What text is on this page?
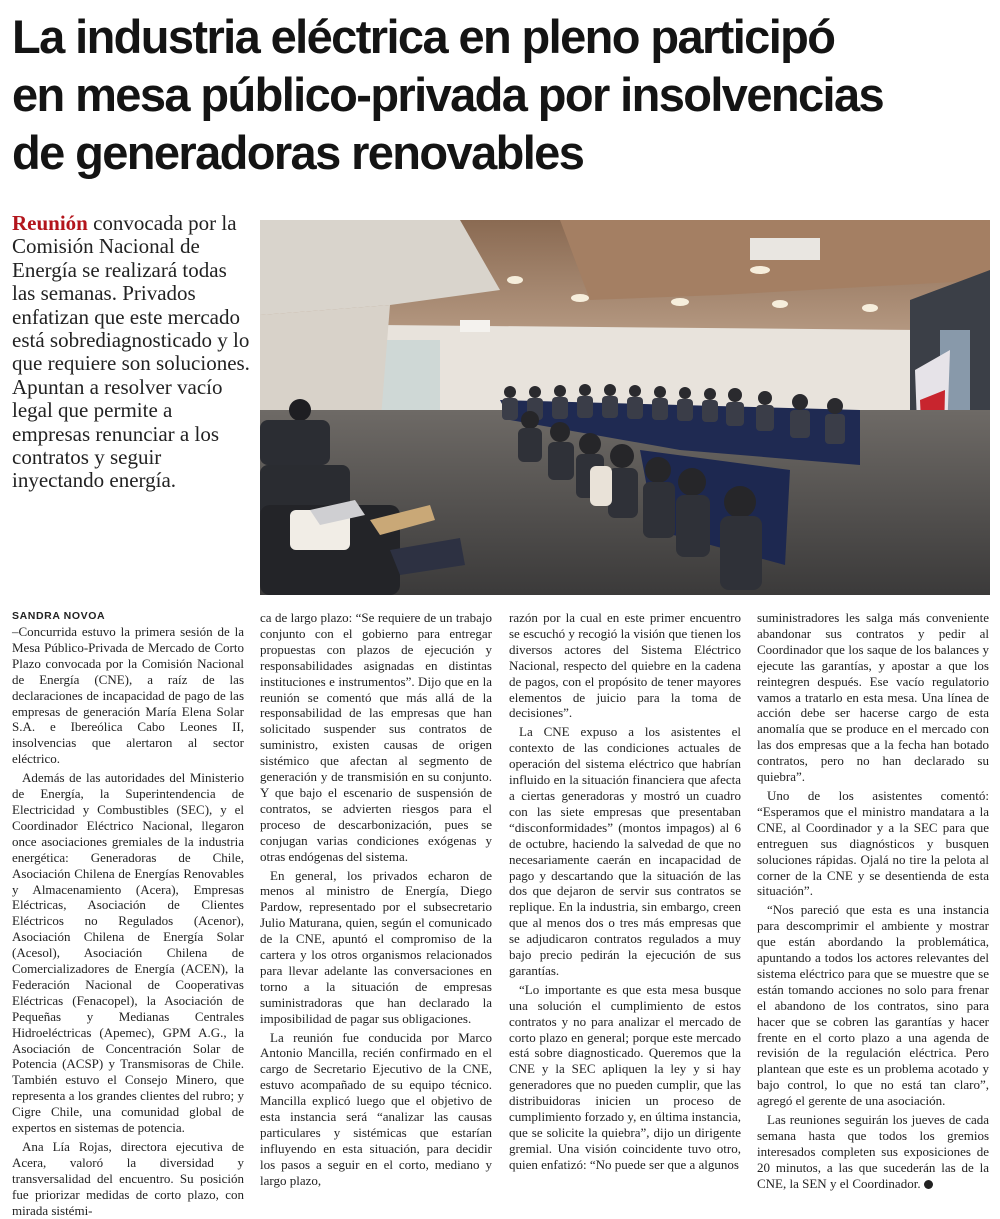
La industria eléctrica en pleno participó
en mesa público-privada por insolvencias
de generadoras renovables
Reunión convocada por la Comisión Nacional de Energía se realizará todas las semanas. Privados enfatizan que este mercado está sobrediagnosticado y lo que requiere son soluciones. Apuntan a resolver vacío legal que permite a empresas renunciar a los contratos y seguir inyectando energía.
SANDRA NOVOA

–Concurrida estuvo la primera sesión de la Mesa Público-Privada de Mercado de Corto Plazo convocada por la Comisión Nacional de Energía (CNE), a raíz de las declaraciones de incapacidad de pago de las empresas de generación María Elena Solar S.A. e Ibereólica Cabo Leones II, insolvencias que alertaron al sector eléctrico.

Además de las autoridades del Ministerio de Energía, la Superintendencia de Electricidad y Combustibles (SEC), y el Coordinador Eléctrico Nacional, llegaron once asociaciones gremiales de la industria energética: Generadoras de Chile, Asociación Chilena de Energías Renovables y Almacenamiento (Acera), Empresas Eléctricas, Asociación de Clientes Eléctricos no Regulados (Acenor), Asociación Chilena de Energía Solar (Acesol), Asociación Chilena de Comercializadores de Energía (ACEN), la Federación Nacional de Cooperativas Eléctricas (Fenacopel), la Asociación de Pequeñas y Medianas Centrales Hidroeléctricas (Apemec), GPM A.G., la Asociación de Concentración Solar de Potencia (ACSP) y Transmisoras de Chile. También estuvo el Consejo Minero, que representa a los grandes clientes del rubro; y Cigre Chile, una comunidad global de expertos en sistemas de potencia.

Ana Lía Rojas, directora ejecutiva de Acera, valoró la diversidad y transversalidad del encuentro. Su posición fue priorizar medidas de corto plazo, con mirada sistémi-

ca de largo plazo: “Se requiere de un trabajo conjunto con el gobierno para entregar propuestas con plazos de ejecución y responsabilidades asignadas en distintas instituciones e instrumentos”. Dijo que en la reunión se comentó que más allá de la responsabilidad de las empresas que han solicitado suspender sus contratos de suministro, existen causas de origen sistémico que afectan al segmento de generación y de transmisión en su conjunto. Y que bajo el escenario de suspensión de contratos, se advierten riesgos para el proceso de descarbonización, pues se conjugan varias condiciones exógenas y otras endógenas del sistema.

En general, los privados echaron de menos al ministro de Energía, Diego Pardow, representado por el subsecretario Julio Maturana, quien, según el comunicado de la CNE, apuntó el compromiso de la cartera y los otros organismos relacionados para llevar adelante las conversaciones en torno a la situación de empresas suministradoras que han declarado la imposibilidad de pagar sus obligaciones.

La reunión fue conducida por Marco Antonio Mancilla, recién confirmado en el cargo de Secretario Ejecutivo de la CNE, estuvo acompañado de su equipo técnico. Mancilla explicó luego que el objetivo de esta instancia será “analizar las causas particulares y sistémicas que estarían influyendo en esta situación, para decidir los pasos a seguir en el corto, mediano y largo plazo,

razón por la cual en este primer encuentro se escuchó y recogió la visión que tienen los diversos actores del Sistema Eléctrico Nacional, respecto del quiebre en la cadena de pagos, con el propósito de tener mayores elementos de juicio para la toma de decisiones”.

La CNE expuso a los asistentes el contexto de las condiciones actuales de operación del sistema eléctrico que habrían influido en la situación financiera que afecta a ciertas generadoras y mostró un cuadro con las siete empresas que presentaban “disconformidades” (montos impagos) al 6 de octubre, haciendo la salvedad de que no necesariamente caerán en incapacidad de pago y descartando que la situación de las dos que dejaron de servir sus contratos se replique. En la industria, sin embargo, creen que al menos dos o tres más empresas que se adjudicaron contratos regulados a muy bajo precio pedirán la ejecución de sus garantías.

“Lo importante es que esta mesa busque una solución el cumplimiento de estos contratos y no para analizar el mercado de corto plazo en general; porque este mercado está sobre diagnosticado. Queremos que la CNE y la SEC apliquen la ley y si hay generadores que no pueden cumplir, que las distribuidoras inicien un proceso de cumplimiento forzado y, en última instancia, que se solicite la quiebra”, dijo un dirigente gremial. Una visión coincidente tuvo otro, quien enfatizó: “No puede ser que a algunos

suministradores les salga más conveniente abandonar sus contratos y pedir al Coordinador que los saque de los balances y ejecute las garantías, y apostar a que los reintegren después. Ese vacío regulatorio vamos a tratarlo en esta mesa. Una línea de acción debe ser hacerse cargo de esta anomalía que se produce en el mercado con las dos empresas que a la fecha han botado contratos, pero no han declarado su quiebra”.

Uno de los asistentes comentó: “Esperamos que el ministro mandatara a la CNE, al Coordinador y a la SEC para que entreguen sus diagnósticos y busquen soluciones rápidas. Ojalá no tire la pelota al corner de la CNE y se desentienda de esta situación”.

“Nos pareció que esta es una instancia para descomprimir el ambiente y mostrar que están abordando la problemática, apuntando a todos los actores relevantes del sistema eléctrico para que se muestre que se están tomando acciones no solo para frenar el abandono de los contratos, sino para hacer que se cobren las garantías y hacer frente en el corto plazo a una agenda de revisión de la regulación eléctrica. Pero plantean que este es un problema acotado y bajo control, lo que no está tan claro”, agregó el gerente de una asociación.

Las reuniones seguirán los jueves de cada semana hasta que todos los gremios interesados completen sus exposiciones de 20 minutos, a las que sucederán las de la CNE, la SEN y el Coordinador.
